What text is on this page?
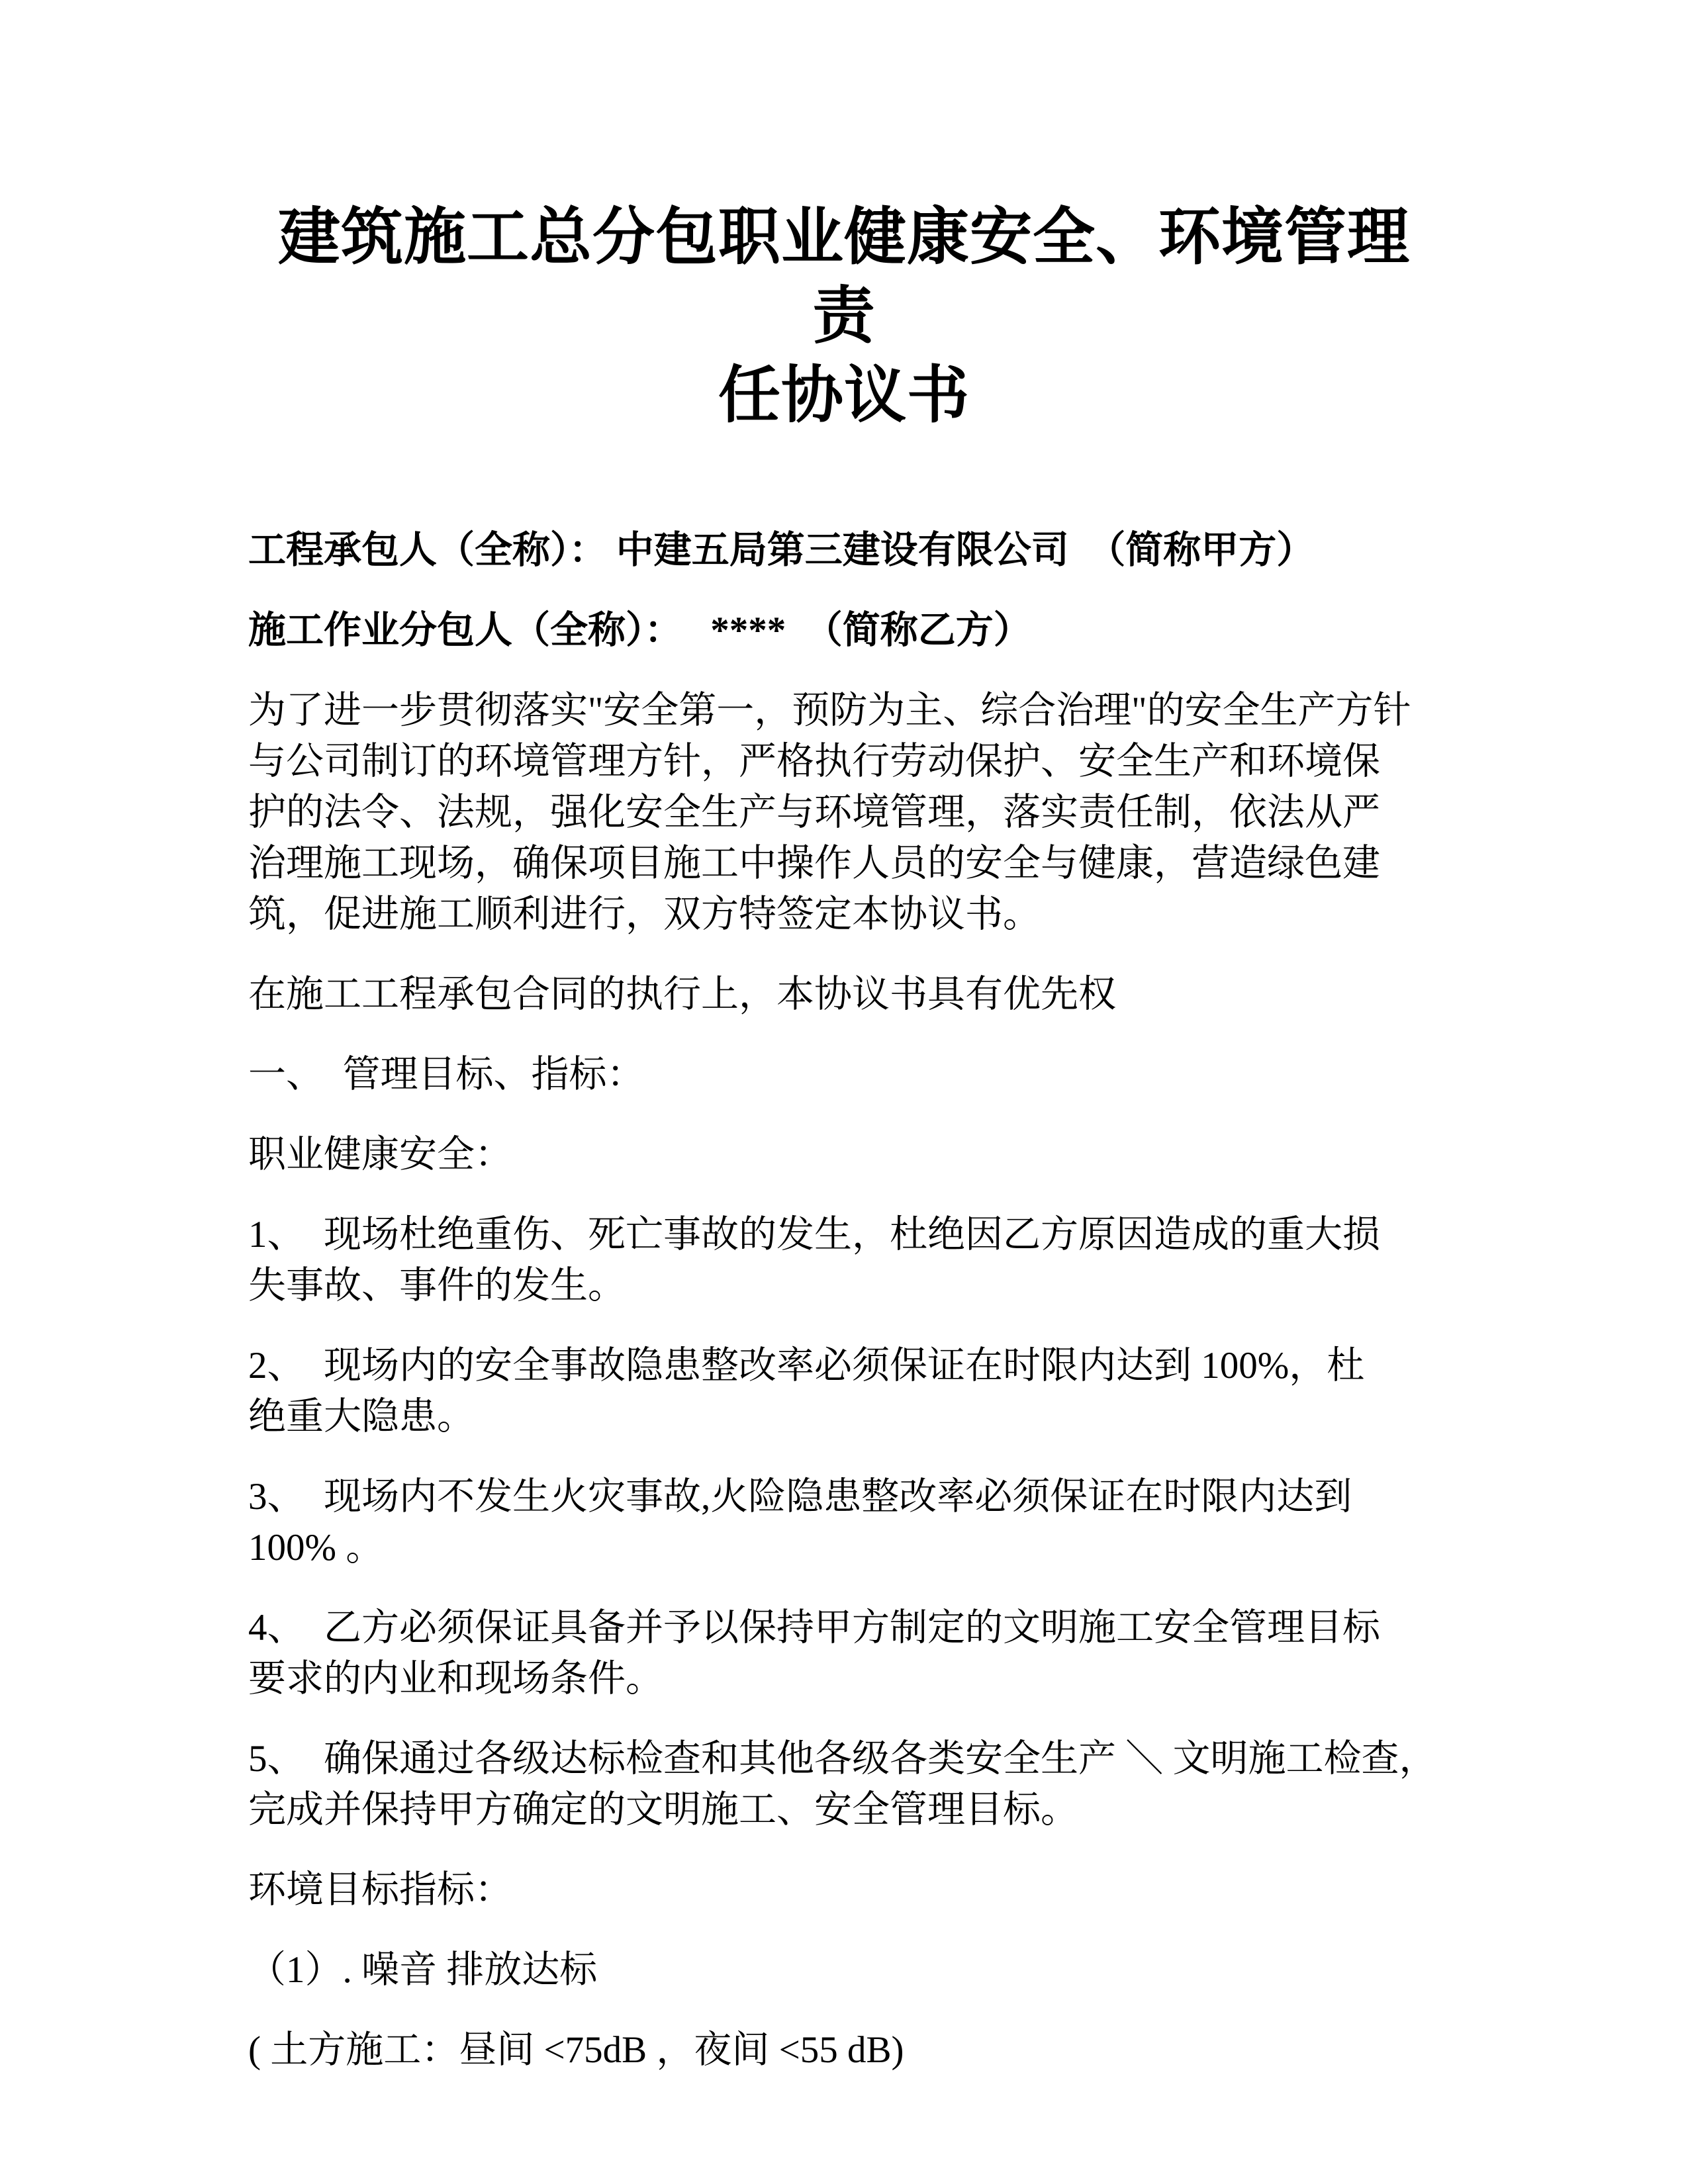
建筑施工总分包职业健康安全、环境管理责
任协议书

工程承包人（全称）： 中建五局第三建设有限公司　（简称甲方）

施工作业分包人（全称）：　 ****　（简称乙方）

为了进一步贯彻落实"安全第一，预防为主、综合治理"的安全生产方针
与公司制订的环境管理方针，严格执行劳动保护、安全生产和环境保
护的法令、法规，强化安全生产与环境管理，落实责任制，依法从严
治理施工现场，确保项目施工中操作人员的安全与健康，营造绿色建
筑，促进施工顺利进行，双方特签定本协议书。

在施工工程承包合同的执行上，本协议书具有优先权

一、　管理目标、指标：

职业健康安全：

1、　现场杜绝重伤、死亡事故的发生，杜绝因乙方原因造成的重大损
失事故、事件的发生。

2、　现场内的安全事故隐患整改率必须保证在时限内达到 100%，杜
绝重大隐患。

3、　现场内不发生火灾事故,火险隐患整改率必须保证在时限内达到
100% 。

4、　乙方必须保证具备并予以保持甲方制定的文明施工安全管理目标
要求的内业和现场条件。

5、　确保通过各级达标检查和其他各级各类安全生产 ＼ 文明施工检查，
完成并保持甲方确定的文明施工、安全管理目标。

环境目标指标：

（1）. 噪音 排放达标

( 土方施工：昼间 <75dB ，夜间 <55 dB)
